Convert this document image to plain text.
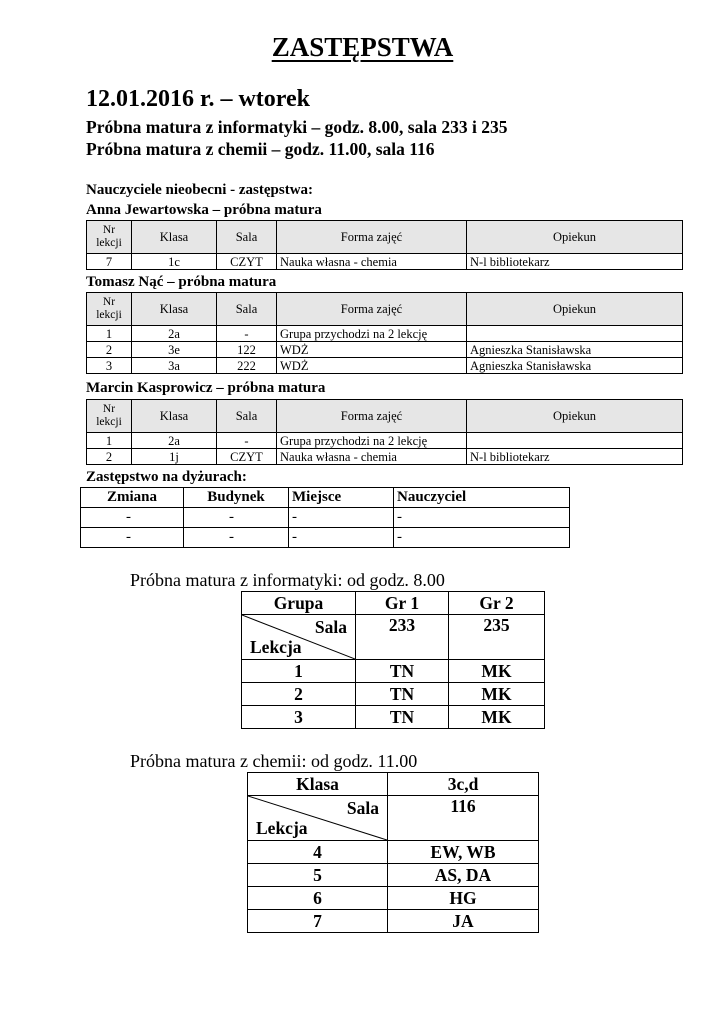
ZASTĘPSTWA
12.01.2016 r. – wtorek
Próbna matura z informatyki – godz. 8.00, sala 233 i 235
Próbna matura z chemii – godz. 11.00, sala 116
Nauczyciele nieobecni - zastępstwa:
Anna Jewartowska – próbna matura
Nr
lekcji	Klasa	Sala	Forma zajęć	Opiekun
7	1c	CZYT	Nauka własna - chemia	N-l bibliotekarz
Tomasz Nąć – próbna matura
Nr
lekcji	Klasa	Sala	Forma zajęć	Opiekun
1	2a	-	Grupa przychodzi na 2 lekcję	
2	3e	122	WDŻ	Agnieszka Stanisławska
3	3a	222	WDŻ	Agnieszka Stanisławska
Marcin Kasprowicz – próbna matura
Nr
lekcji	Klasa	Sala	Forma zajęć	Opiekun
1	2a	-	Grupa przychodzi na 2 lekcję	
2	1j	CZYT	Nauka własna - chemia	N-l bibliotekarz
Zastępstwo na dyżurach:
Zmiana	Budynek	Miejsce	Nauczyciel
-	-	-	-
-	-	-	-
Próbna matura z informatyki: od godz. 8.00
Grupa	Gr 1	Gr 2

Sala
Lekcja	233	235
1	TN	MK
2	TN	MK
3	TN	MK
Próbna matura z chemii: od godz. 11.00
Klasa	3c,d

Sala
Lekcja	116
4	EW, WB
5	AS, DA
6	HG
7	JA
